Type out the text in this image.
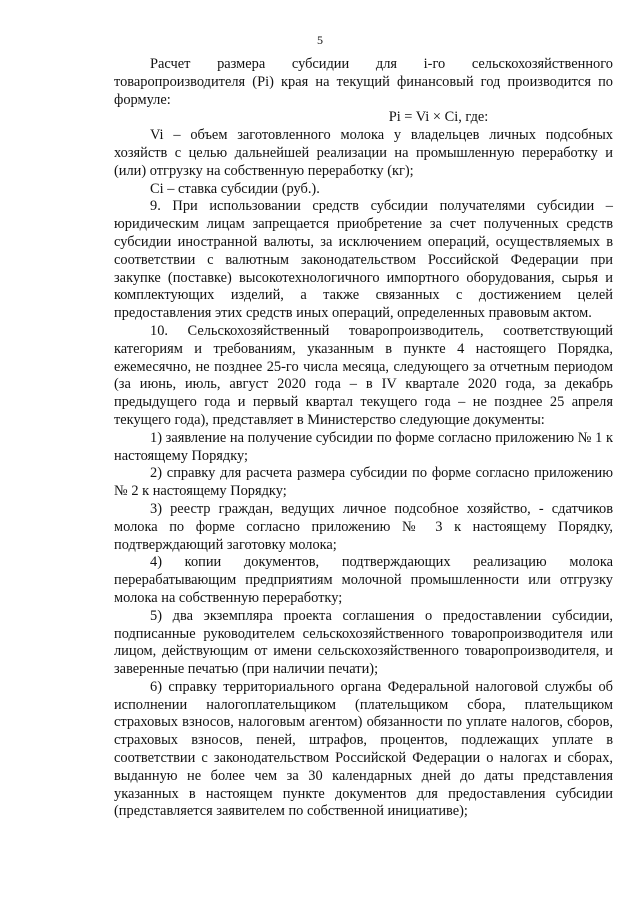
5

Расчет размера субсидии для i-го сельскохозяйственного товаропроизводителя (Pi) края на текущий финансовый год производится по формуле:

Pi = Vi × Ci, где:

Vi – объем заготовленного молока у владельцев личных подсобных хозяйств с целью дальнейшей реализации на промышленную переработку и (или) отгрузку на собственную переработку (кг);

Ci – ставка субсидии (руб.).

9. При использовании средств субсидии получателями субсидии – юридическим лицам запрещается приобретение за счет полученных средств субсидии иностранной валюты, за исключением операций, осуществляемых в соответствии с валютным законодательством Российской Федерации при закупке (поставке) высокотехнологичного импортного оборудования, сырья и комплектующих изделий, а также связанных с достижением целей предоставления этих средств иных операций, определенных правовым актом.

10. Сельскохозяйственный товаропроизводитель, соответствующий категориям и требованиям, указанным в пункте 4 настоящего Порядка, ежемесячно, не позднее 25-го числа месяца, следующего за отчетным периодом (за июнь, июль, август 2020 года – в IV квартале 2020 года, за декабрь предыдущего года и первый квартал текущего года – не позднее 25 апреля текущего года), представляет в Министерство следующие документы:

1) заявление на получение субсидии по форме согласно приложению № 1 к настоящему Порядку;

2) справку для расчета размера субсидии по форме согласно приложению № 2 к настоящему Порядку;

3) реестр граждан, ведущих личное подсобное хозяйство, - сдатчиков молока по форме согласно приложению № 3 к настоящему Порядку, подтверждающий заготовку молока;

4) копии документов, подтверждающих реализацию молока перерабатывающим предприятиям молочной промышленности или отгрузку молока на собственную переработку;

5) два экземпляра проекта соглашения о предоставлении субсидии, подписанные руководителем сельскохозяйственного товаропроизводителя или лицом, действующим от имени сельскохозяйственного товаропроизводителя, и заверенные печатью (при наличии печати);

6) справку территориального органа Федеральной налоговой службы об исполнении налогоплательщиком (плательщиком сбора, плательщиком страховых взносов, налоговым агентом) обязанности по уплате налогов, сборов, страховых взносов, пеней, штрафов, процентов, подлежащих уплате в соответствии с законодательством Российской Федерации о налогах и сборах, выданную не более чем за 30 календарных дней до даты представления указанных в настоящем пункте документов для предоставления субсидии (представляется заявителем по собственной инициативе);
